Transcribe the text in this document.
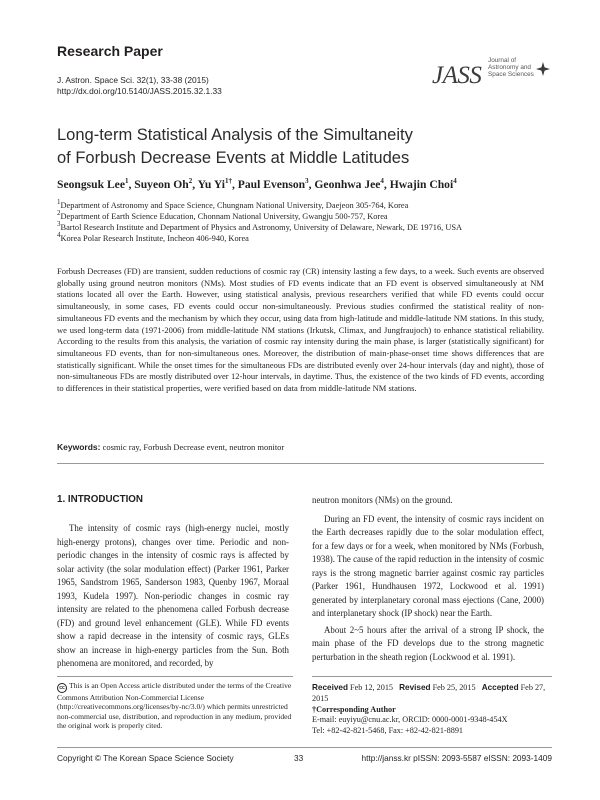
Research Paper
J. Astron. Space Sci. 32(1), 33-38 (2015)
http://dx.doi.org/10.5140/JASS.2015.32.1.33
JASS
Journal of
Astronomy and
Space Sciences
Long-term Statistical Analysis of the Simultaneity
of Forbush Decrease Events at Middle Latitudes
Seongsuk Lee$^1$, Suyeon Oh$^2$, Yu $Yi^{1\dagger}$, Paul Evenson$^3$, Geonhwa Jee$^4$, Hwajin Choi$^4$
$^1$Department of Astronomy and Space Science, Chungnam National University, Daejeon 305-764, Korea
$^2$Department of Earth Science Education, Chonnam National University, Gwangju 500-757, Korea
$^3$Bartol Research Institute and Department of Physics and Astronomy, University of Delaware, Newark, DE 19716, USA
$^4$Korea Polar Research Institute, Incheon 406-940, Korea
Forbush Decreases (FD) are transient, sudden reductions of cosmic ray (CR) intensity lasting a few days, to a week. Such events are observed globally using ground neutron monitors (NMs). Most studies of FD events indicate that an FD event is observed simultaneously at NM stations located all over the Earth. However, using statistical analysis, previous researchers verified that while FD events could occur simultaneously, in some cases, FD events could occur non-simultaneously. Previous studies confirmed the statistical reality of non-simultaneous FD events and the mechanism by which they occur, using data from high-latitude and middle-latitude NM stations. In this study, we used long-term data (1971-2006) from middle-latitude NM stations (Irkutsk, Climax, and Jungfraujoch) to enhance statistical reliability. According to the results from this analysis, the variation of cosmic ray intensity during the main phase, is larger (statistically significant) for simultaneous FD events, than for non-simultaneous ones. Moreover, the distribution of main-phase-onset time shows differences that are statistically significant. While the onset times for the simultaneous FDs are distributed evenly over 24-hour intervals (day and night), those of non-simultaneous FDs are mostly distributed over 12-hour intervals, in daytime. Thus, the existence of the two kinds of FD events, according to differences in their statistical properties, were verified based on data from middle-latitude NM stations.
Keywords: cosmic ray, Forbush Decrease event, neutron monitor
1. INTRODUCTION

The intensity of cosmic rays (high-energy nuclei, mostly high-energy protons), changes over time. Periodic and non-periodic changes in the intensity of cosmic rays is affected by solar activity (the solar modulation effect) (Parker 1961, Parker 1965, Sandstrom 1965, Sanderson 1983, Quenby 1967, Moraal 1993, Kudela 1997). Non-periodic changes in cosmic ray intensity are related to the phenomena called Forbush decrease (FD) and ground level enhancement (GLE). While FD events show a rapid decrease in the intensity of cosmic rays, GLEs show an increase in high-energy particles from the Sun. Both phenomena are monitored, and recorded, by

neutron monitors (NMs) on the ground.

During an FD event, the intensity of cosmic rays incident on the Earth decreases rapidly due to the solar modulation effect, for a few days or for a week, when monitored by NMs (Forbush, 1938). The cause of the rapid reduction in the intensity of cosmic rays is the strong magnetic barrier against cosmic ray particles (Parker 1961, Hundhausen 1972, Lockwood et al. 1991) generated by interplanetary coronal mass ejections (Cane, 2000) and interplanetary shock (IP shock) near the Earth.

About 2~5 hours after the arrival of a strong IP shock, the main phase of the FD develops due to the strong magnetic perturbation in the sheath region (Lockwood et al. 1991).

cc This is an Open Access article distributed under the terms of the Creative Commons Attribution Non-Commercial License (http://creativecommons.org/licenses/by-nc/3.0/) which permits unrestricted non-commercial use, distribution, and reproduction in any medium, provided the original work is properly cited.
Received Feb 12, 2015 Revised Feb 25, 2015 Accepted Feb 27, 2015
†Corresponding Author
E-mail: euyiyu@cnu.ac.kr, ORCID: 0000-0001-9348-454X
Tel: +82-42-821-5468, Fax: +82-42-821-8891
Copyright © The Korean Space Science Society	33	http://janss.kr pISSN: 2093-5587 eISSN: 2093-1409
